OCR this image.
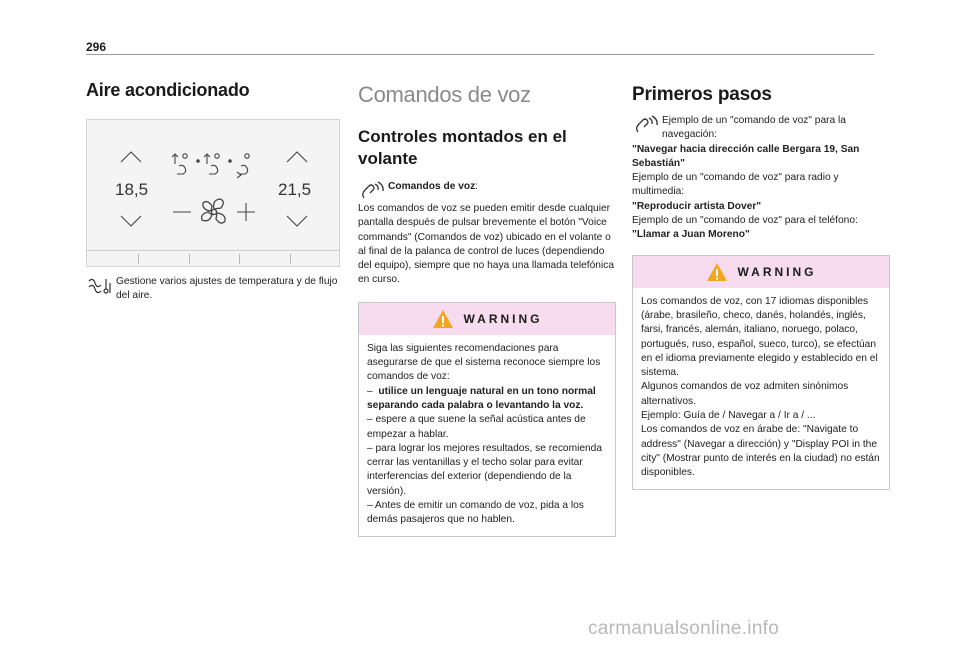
296
Aire acondicionado
18,5	21,5
Gestione varios ajustes de temperatura y de flujo del aire.
Comandos de voz
Controles montados en el volante
Comandos de voz:
Los comandos de voz se pueden emitir desde cualquier pantalla después de pulsar brevemente el botón "Voice commands" (Comandos de voz) ubicado en el volante o al final de la palanca de control de luces (dependiendo del equipo), siempre que no haya una llamada telefónica en curso.
WARNING

Siga las siguientes recomendaciones para asegurarse de que el sistema reconoce siempre los comandos de voz:

– utilice un lenguaje natural en un tono normal separando cada palabra o levantando la voz.

– espere a que suene la señal acústica antes de empezar a hablar.

– para lograr los mejores resultados, se recomienda cerrar las ventanillas y el techo solar para evitar interferencias del exterior (dependiendo de la versión).

– Antes de emitir un comando de voz, pida a los demás pasajeros que no hablen.

Primeros pasos
Ejemplo de un "comando de voz" para la navegación:
"Navegar hacia dirección calle Bergara 19, San Sebastián"
Ejemplo de un "comando de voz" para radio y multimedia:
"Reproducir artista Dover"
Ejemplo de un "comando de voz" para el teléfono:
"Llamar a Juan Moreno"
WARNING

Los comandos de voz, con 17 idiomas disponibles (árabe, brasileño, checo, danés, holandés, inglés, farsi, francés, alemán, italiano, noruego, polaco, portugués, ruso, español, sueco, turco), se efectúan en el idioma previamente elegido y establecido en el sistema.

Algunos comandos de voz admiten sinónimos alternativos.

Ejemplo: Guía de / Navegar a / Ir a / ...

Los comandos de voz en árabe de: "Navigate to address" (Navegar a dirección) y "Display POI in the city" (Mostrar punto de interés en la ciudad) no están disponibles.

carmanualsonline.info
